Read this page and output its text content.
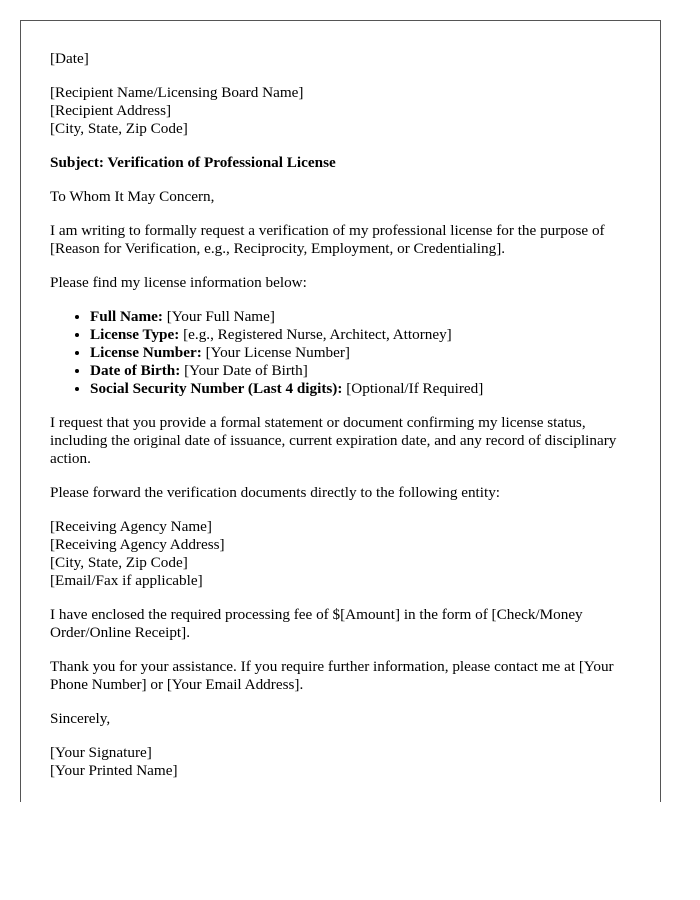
[Date]

[Recipient Name/Licensing Board Name]
[Recipient Address]
[City, State, Zip Code]

Subject: Verification of Professional License

To Whom It May Concern,

I am writing to formally request a verification of my professional license for the purpose of [Reason for Verification, e.g., Reciprocity, Employment, or Credentialing].

Please find my license information below:

• Full Name: [Your Full Name]
• License Type: [e.g., Registered Nurse, Architect, Attorney]
• License Number: [Your License Number]
• Date of Birth: [Your Date of Birth]
• Social Security Number (Last 4 digits): [Optional/If Required]

I request that you provide a formal statement or document confirming my license status, including the original date of issuance, current expiration date, and any record of disciplinary action.

Please forward the verification documents directly to the following entity:

[Receiving Agency Name]
[Receiving Agency Address]
[City, State, Zip Code]
[Email/Fax if applicable]

I have enclosed the required processing fee of $[Amount] in the form of [Check/Money Order/Online Receipt].

Thank you for your assistance. If you require further information, please contact me at [Your Phone Number] or [Your Email Address].

Sincerely,

[Your Signature]
[Your Printed Name]
